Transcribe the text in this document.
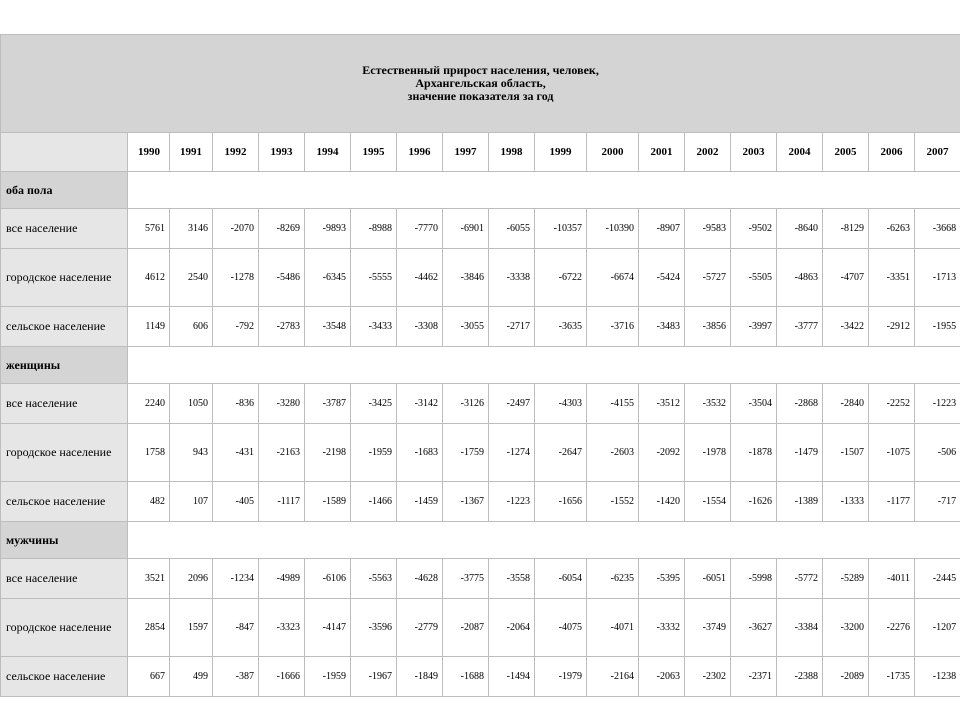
Естественный прирост населения, человек,
Архангельская область,
значение показателя за год																		

	1990	1991	1992	1993	1994	1995	1996	1997	1998	1999	2000	2001	2002	2003	2004	2005	2006	2007
оба пола																		
все население	5761	3146	-2070	-8269	-9893	-8988	-7770	-6901	-6055	-10357	-10390	-8907	-9583	-9502	-8640	-8129	-6263	-3668
городское население	4612	2540	-1278	-5486	-6345	-5555	-4462	-3846	-3338	-6722	-6674	-5424	-5727	-5505	-4863	-4707	-3351	-1713
сельское население	1149	606	-792	-2783	-3548	-3433	-3308	-3055	-2717	-3635	-3716	-3483	-3856	-3997	-3777	-3422	-2912	-1955
женщины																		
все население	2240	1050	-836	-3280	-3787	-3425	-3142	-3126	-2497	-4303	-4155	-3512	-3532	-3504	-2868	-2840	-2252	-1223
городское население	1758	943	-431	-2163	-2198	-1959	-1683	-1759	-1274	-2647	-2603	-2092	-1978	-1878	-1479	-1507	-1075	-506
сельское население	482	107	-405	-1117	-1589	-1466	-1459	-1367	-1223	-1656	-1552	-1420	-1554	-1626	-1389	-1333	-1177	-717
мужчины																		
все население	3521	2096	-1234	-4989	-6106	-5563	-4628	-3775	-3558	-6054	-6235	-5395	-6051	-5998	-5772	-5289	-4011	-2445
городское население	2854	1597	-847	-3323	-4147	-3596	-2779	-2087	-2064	-4075	-4071	-3332	-3749	-3627	-3384	-3200	-2276	-1207
сельское население	667	499	-387	-1666	-1959	-1967	-1849	-1688	-1494	-1979	-2164	-2063	-2302	-2371	-2388	-2089	-1735	-1238
